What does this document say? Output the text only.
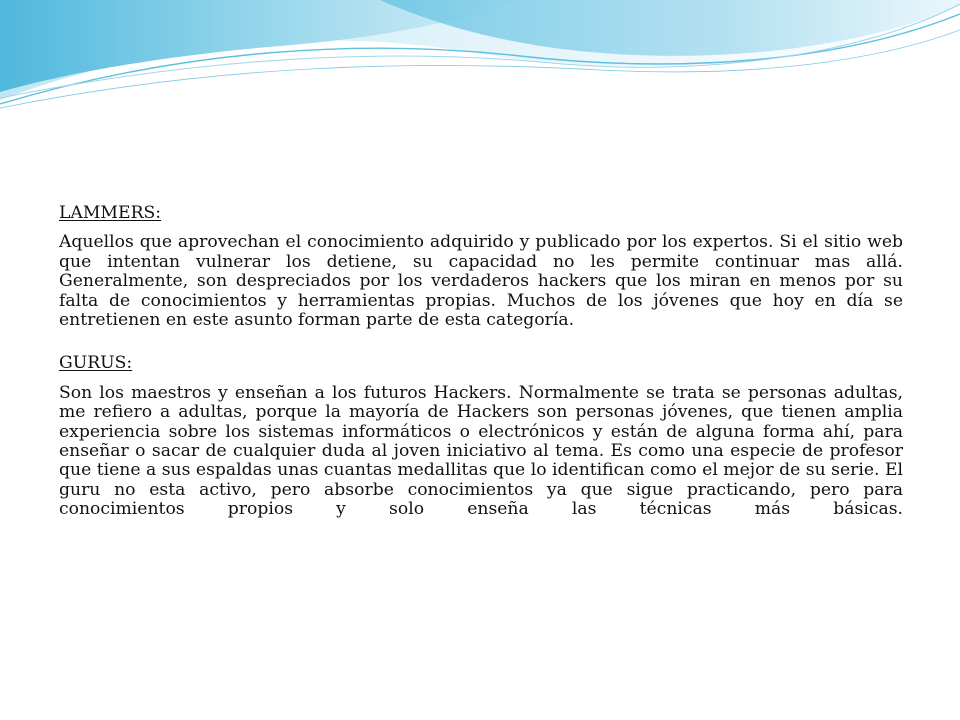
LAMMERS:

Aquellos que aprovechan el conocimiento adquirido y publicado por los expertos. Si el sitio web que intentan vulnerar los detiene, su capacidad no les permite continuar mas allá. Generalmente, son despreciados por los verdaderos hackers que los miran en menos por su falta de conocimientos y herramientas propias. Muchos de los jóvenes que hoy en día se entretienen en este asunto forman parte de esta categoría.

GURUS:

Son los maestros y enseñan a los futuros Hackers. Normalmente se trata se personas adultas, me refiero a adultas, porque la mayoría de Hackers son personas jóvenes, que tienen amplia experiencia sobre los sistemas informáticos o electrónicos y están de alguna forma ahí, para enseñar o sacar de cualquier duda al joven iniciativo al tema. Es como una especie de profesor que tiene a sus espaldas unas cuantas medallitas que lo identifican como el mejor de su serie. El guru no esta activo, pero absorbe conocimientos ya que sigue practicando, pero para conocimientos propios y solo enseña las técnicas más básicas.
